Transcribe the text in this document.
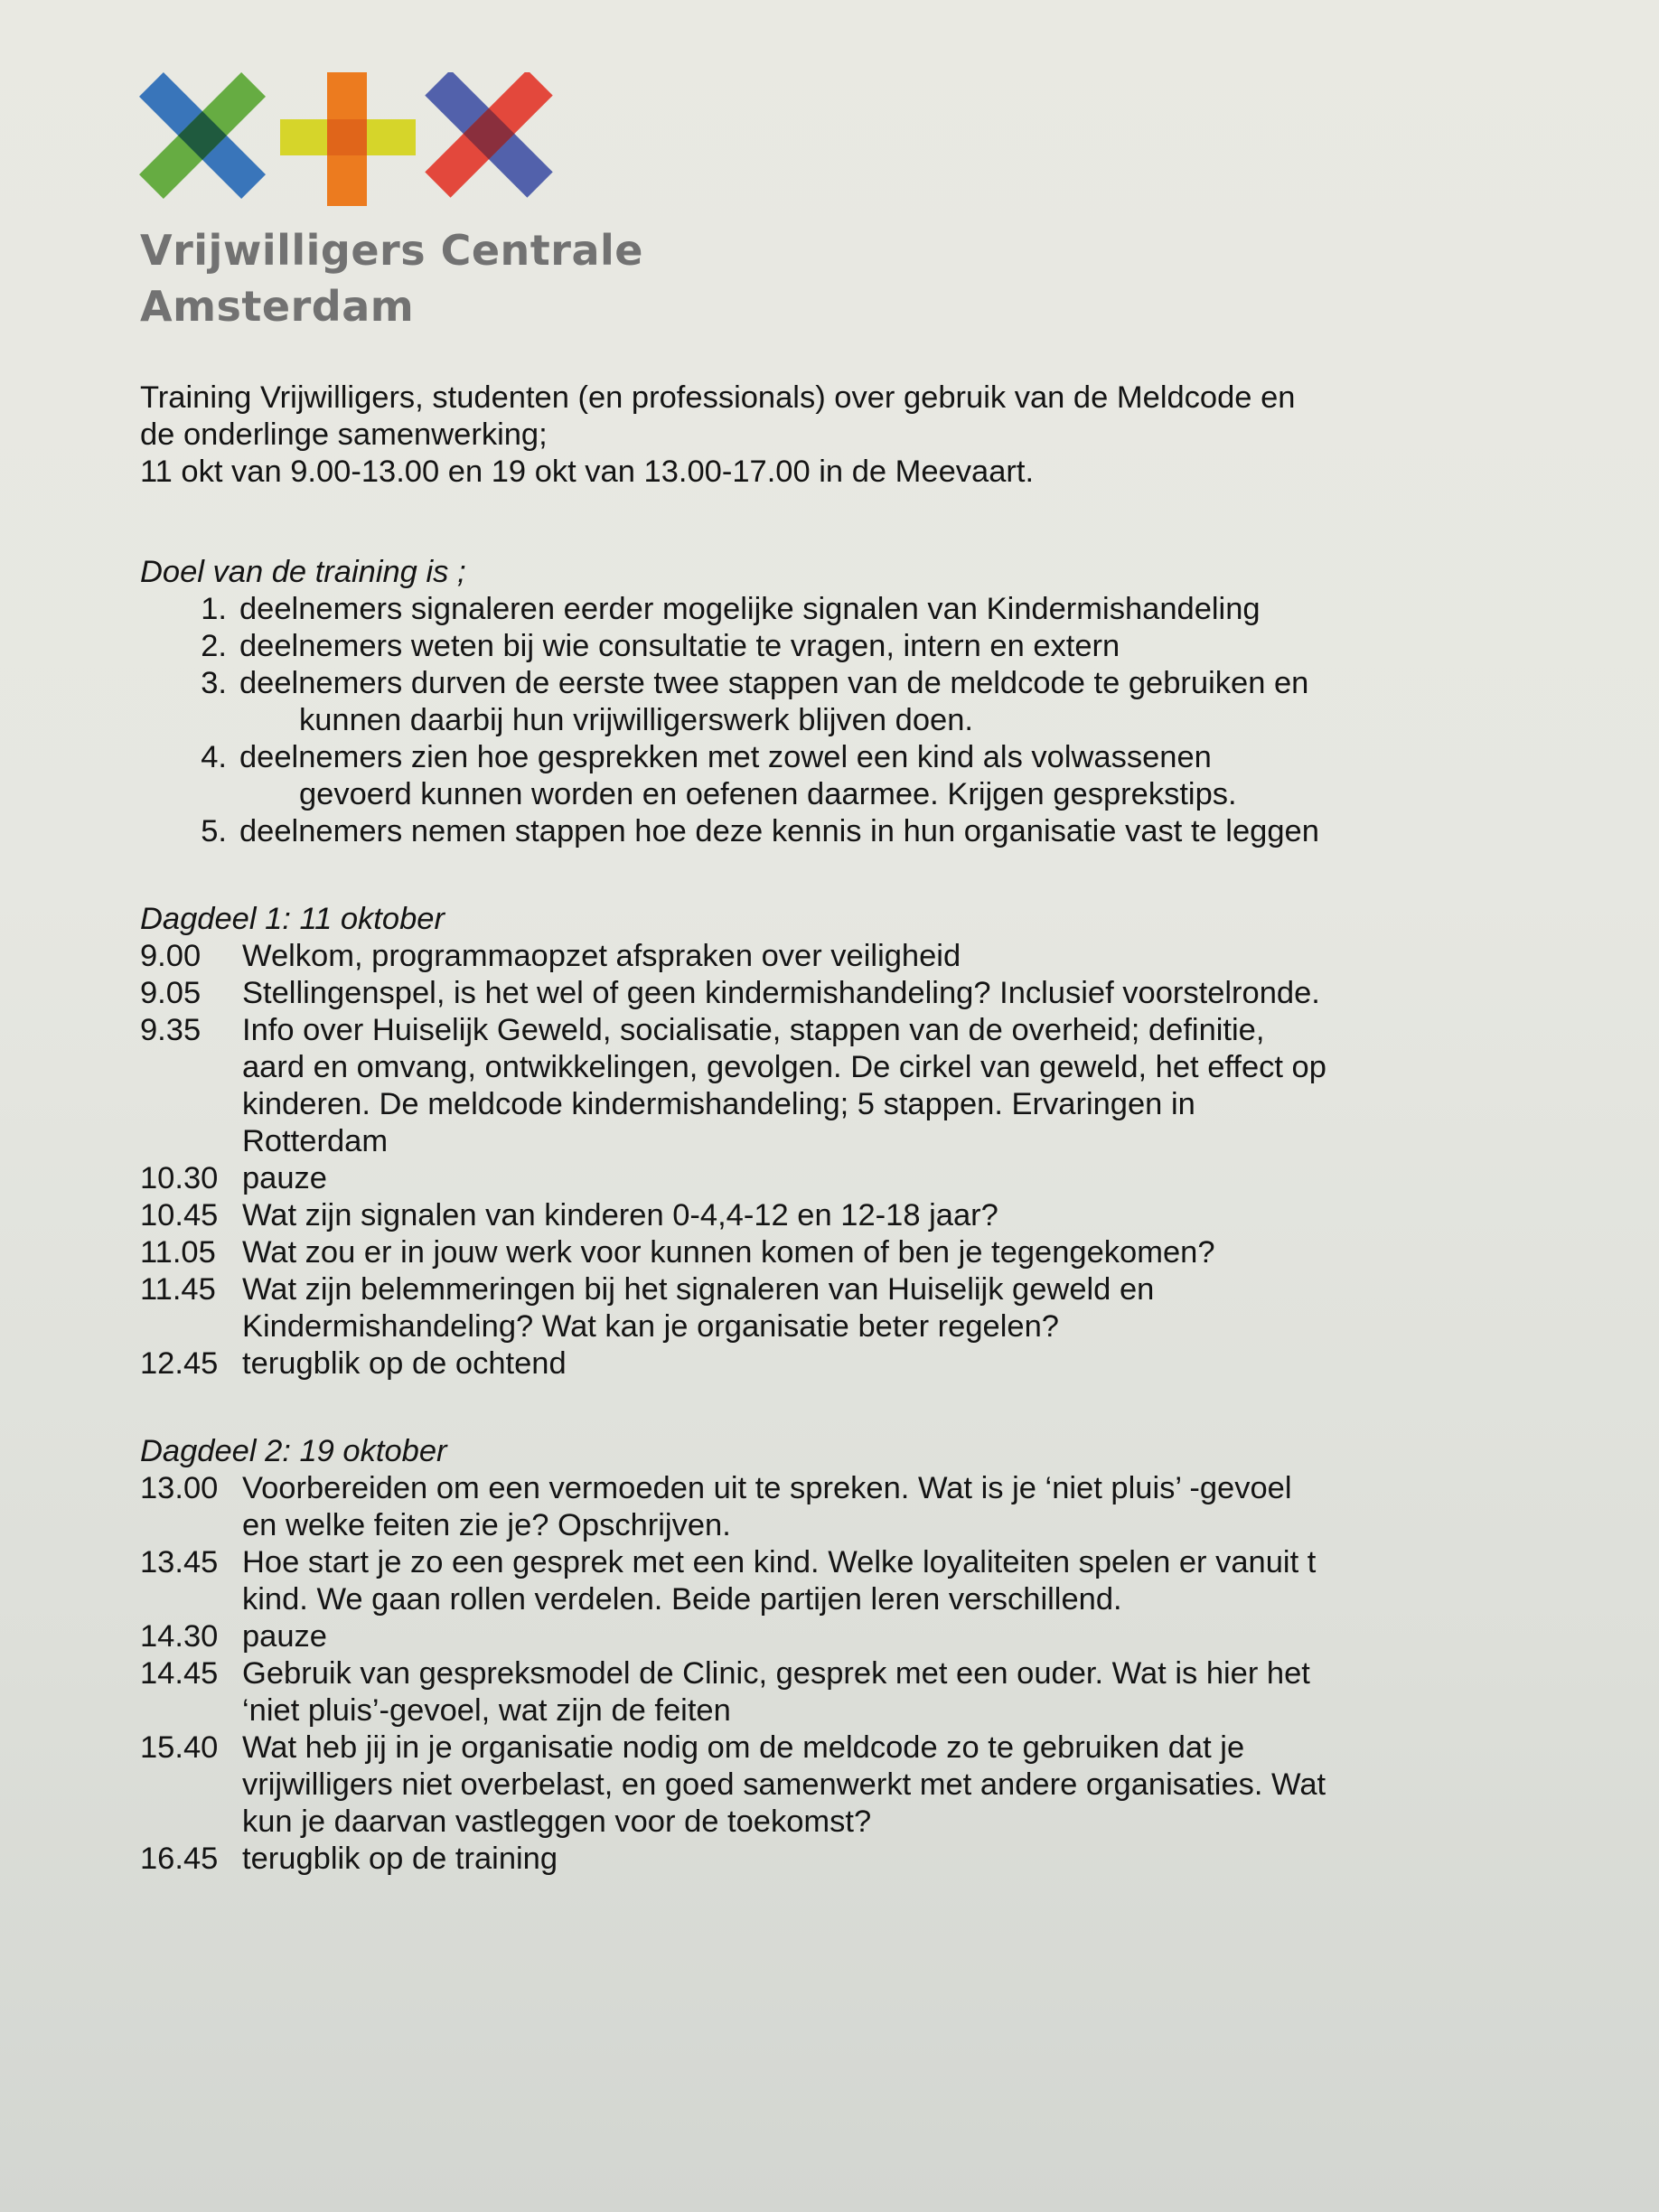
Vrijwilligers Centrale
Amsterdam
Training Vrijwilligers, studenten (en professionals) over gebruik van de Meldcode en
de onderlinge samenwerking;
11 okt van 9.00-13.00 en 19 okt van 13.00-17.00 in de Meevaart.
Doel van de training is ;
1. deelnemers signaleren eerder mogelijke signalen van Kindermishandeling
2. deelnemers weten bij wie consultatie te vragen, intern en extern
3. deelnemers durven de eerste twee stappen van de meldcode te gebruiken en
kunnen daarbij hun vrijwilligerswerk blijven doen.
4. deelnemers zien hoe gesprekken met zowel een kind als volwassenen
gevoerd kunnen worden en oefenen daarmee. Krijgen gesprekstips.
5. deelnemers nemen stappen hoe deze kennis in hun organisatie vast te leggen
Dagdeel 1: 11 oktober
9.00	Welkom, programmaopzet afspraken over veiligheid
9.05	Stellingenspel, is het wel of geen kindermishandeling? Inclusief voorstelronde.
9.35	Info over Huiselijk Geweld, socialisatie, stappen van de overheid; definitie,
aard en omvang, ontwikkelingen, gevolgen. De cirkel van geweld, het effect op
kinderen. De meldcode kindermishandeling; 5 stappen. Ervaringen in
Rotterdam
10.30 pauze
10.45 Wat zijn signalen van kinderen 0-4,4-12 en 12-18 jaar?
11.05 Wat zou er in jouw werk voor kunnen komen of ben je tegengekomen?
11.45 Wat zijn belemmeringen bij het signaleren van Huiselijk geweld en
Kindermishandeling? Wat kan je organisatie beter regelen?
12.45 terugblik op de ochtend
Dagdeel 2: 19 oktober
13.00 Voorbereiden om een vermoeden uit te spreken. Wat is je ‘niet pluis’ -gevoel
en welke feiten zie je? Opschrijven.
13.45 Hoe start je zo een gesprek met een kind. Welke loyaliteiten spelen er vanuit t
kind. We gaan rollen verdelen. Beide partijen leren verschillend.
14.30 pauze
14.45 Gebruik van gespreksmodel de Clinic, gesprek met een ouder. Wat is hier het
‘niet pluis’-gevoel, wat zijn de feiten
15.40 Wat heb jij in je organisatie nodig om de meldcode zo te gebruiken dat je
vrijwilligers niet overbelast, en goed samenwerkt met andere organisaties. Wat
kun je daarvan vastleggen voor de toekomst?
16.45 terugblik op de training
